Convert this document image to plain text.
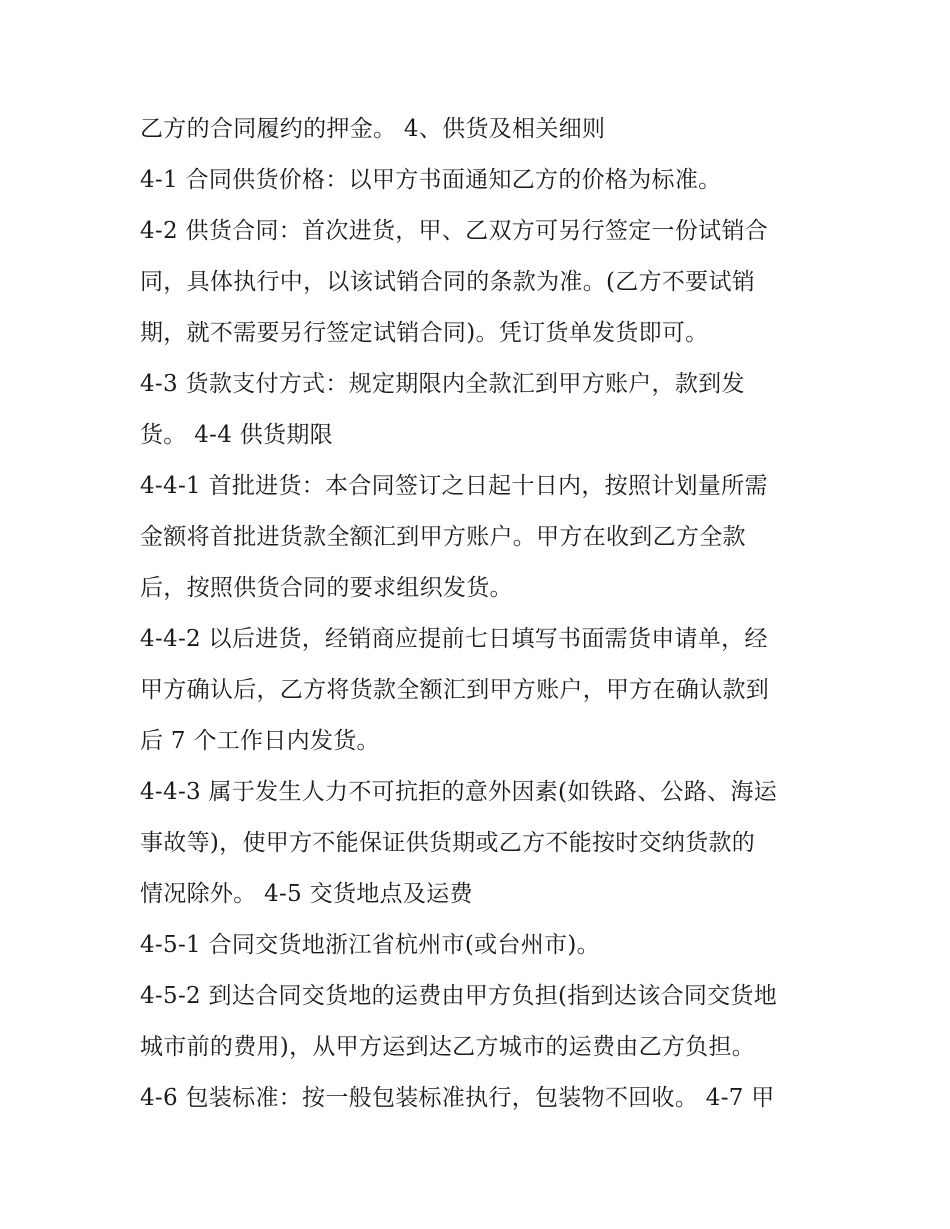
乙方的合同履约的押金。 4、供货及相关细则
4-1 合同供货价格：以甲方书面通知乙方的价格为标准。
4-2 供货合同：首次进货，甲、乙双方可另行签定一份试销合
同，具体执行中，以该试销合同的条款为准。(乙方不要试销
期，就不需要另行签定试销合同)。凭订货单发货即可。
4-3 货款支付方式：规定期限内全款汇到甲方账户，款到发
货。 4-4 供货期限
4-4-1 首批进货：本合同签订之日起十日内，按照计划量所需
金额将首批进货款全额汇到甲方账户。甲方在收到乙方全款
后，按照供货合同的要求组织发货。
4-4-2 以后进货，经销商应提前七日填写书面需货申请单，经
甲方确认后，乙方将货款全额汇到甲方账户，甲方在确认款到
后 7 个工作日内发货。
4-4-3 属于发生人力不可抗拒的意外因素(如铁路、公路、海运
事故等)，使甲方不能保证供货期或乙方不能按时交纳货款的
情况除外。 4-5 交货地点及运费
4-5-1 合同交货地浙江省杭州市(或台州市)。
4-5-2 到达合同交货地的运费由甲方负担(指到达该合同交货地
城市前的费用)，从甲方运到达乙方城市的运费由乙方负担。
4-6 包装标准：按一般包装标准执行，包装物不回收。 4-7 甲
